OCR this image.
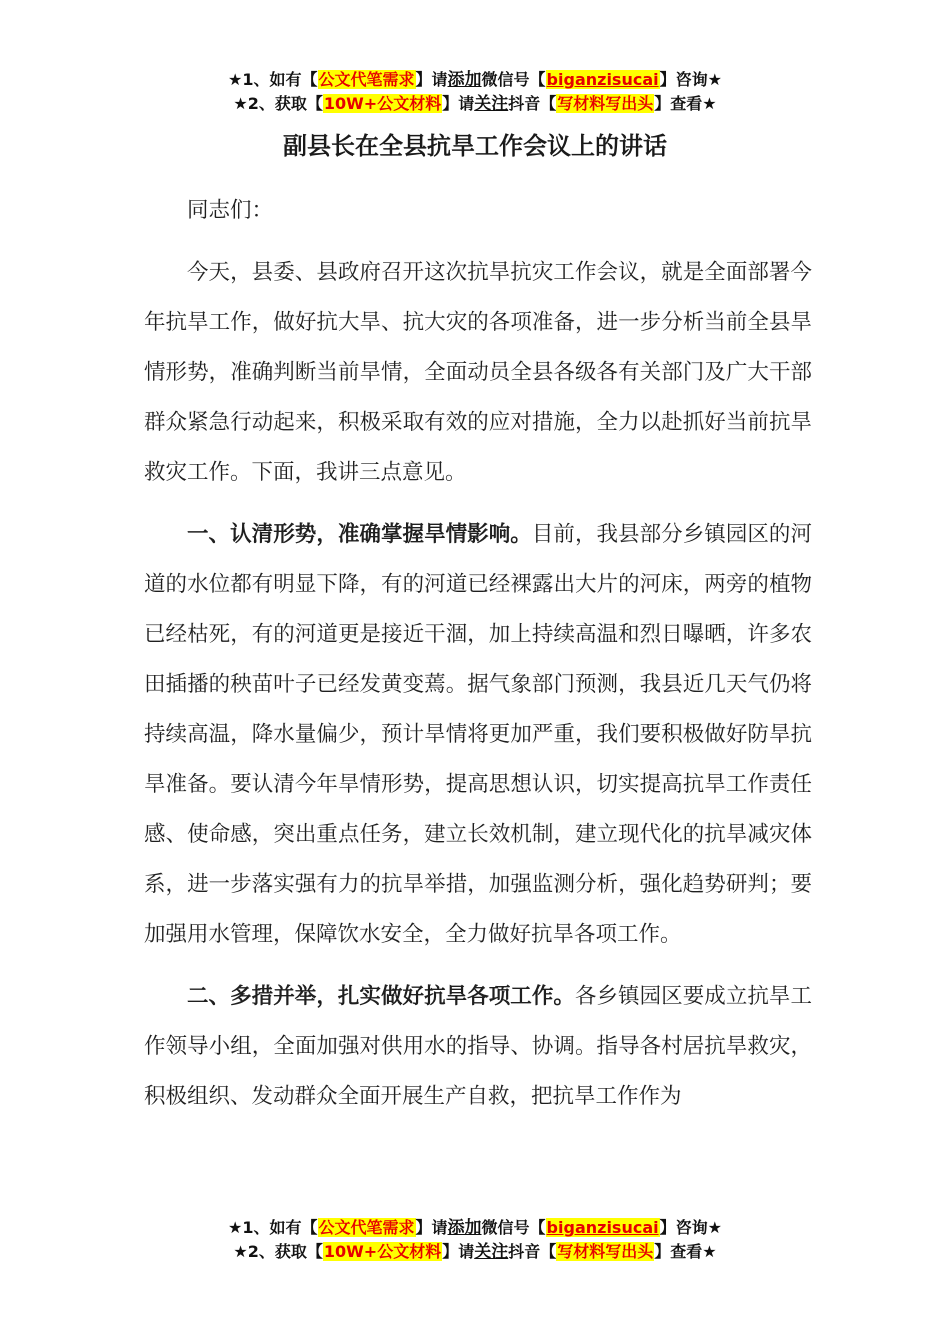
★1、如有【公文代笔需求】请添加微信号【biganzisucai】咨询★
★2、获取【10W+公文材料】请关注抖音【写材料写出头】查看★
副县长在全县抗旱工作会议上的讲话

同志们：

今天，县委、县政府召开这次抗旱抗灾工作会议，就是全面部署今年抗旱工作，做好抗大旱、抗大灾的各项准备，进一步分析当前全县旱情形势，准确判断当前旱情，全面动员全县各级各有关部门及广大干部群众紧急行动起来，积极采取有效的应对措施，全力以赴抓好当前抗旱救灾工作。下面，我讲三点意见。

一、认清形势，准确掌握旱情影响。目前，我县部分乡镇园区的河道的水位都有明显下降，有的河道已经裸露出大片的河床，两旁的植物已经枯死，有的河道更是接近干涸，加上持续高温和烈日曝晒，许多农田插播的秧苗叶子已经发黄变蔫。据气象部门预测，我县近几天气仍将持续高温，降水量偏少，预计旱情将更加严重，我们要积极做好防旱抗旱准备。要认清今年旱情形势，提高思想认识，切实提高抗旱工作责任感、使命感，突出重点任务，建立长效机制，建立现代化的抗旱减灾体系，进一步落实强有力的抗旱举措，加强监测分析，强化趋势研判；要加强用水管理，保障饮水安全，全力做好抗旱各项工作。

二、多措并举，扎实做好抗旱各项工作。各乡镇园区要成立抗旱工作领导小组，全面加强对供用水的指导、协调。指导各村居抗旱救灾，积极组织、发动群众全面开展生产自救，把抗旱工作作为

★1、如有【公文代笔需求】请添加微信号【biganzisucai】咨询★
★2、获取【10W+公文材料】请关注抖音【写材料写出头】查看★
